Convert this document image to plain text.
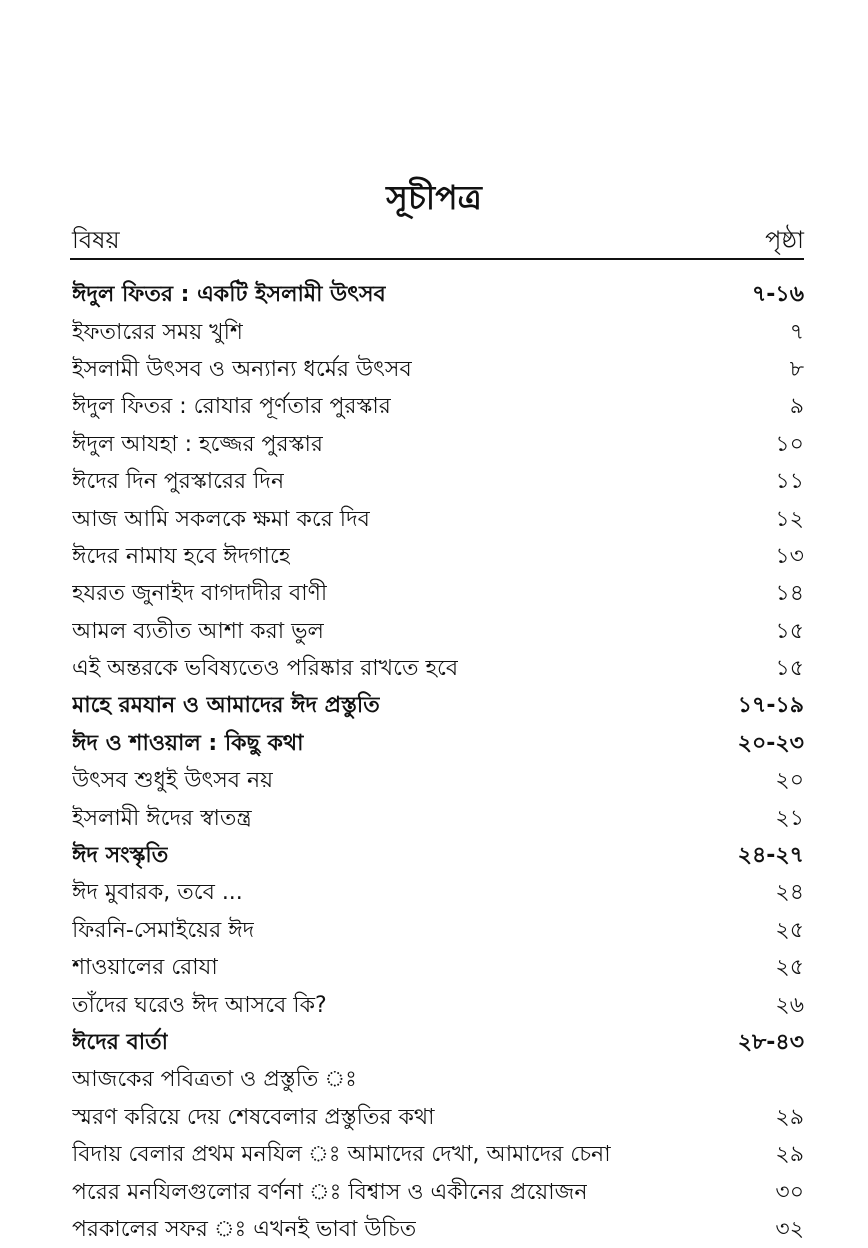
সূচীপত্র
বিষয়	পৃষ্ঠা
ঈদুল ফিতর : একটি ইসলামী উৎসব	৭-১৬
ইফতারের সময় খুশি	৭
ইসলামী উৎসব ও অন্যান্য ধর্মের উৎসব	৮
ঈদুল ফিতর : রোযার পূর্ণতার পুরস্কার	৯
ঈদুল আযহা : হজ্জের পুরস্কার	১০
ঈদের দিন পুরস্কারের দিন	১১
আজ আমি সকলকে ক্ষমা করে দিব	১২
ঈদের নামায হবে ঈদগাহে	১৩
হযরত জুনাইদ বাগদাদীর বাণী	১৪
আমল ব্যতীত আশা করা ভুল	১৫
এই অন্তরকে ভবিষ্যতেও পরিষ্কার রাখতে হবে	১৫
মাহে রমযান ও আমাদের ঈদ প্রস্তুতি	১৭-১৯
ঈদ ও শাওয়াল : কিছু কথা	২০-২৩
উৎসব শুধুই উৎসব নয়	২০
ইসলামী ঈদের স্বাতন্ত্র	২১
ঈদ সংস্কৃতি	২৪-২৭
ঈদ মুবারক, তবে ...	২৪
ফিরনি-সেমাইয়ের ঈদ	২৫
শাওয়ালের রোযা	২৫
তাঁদের ঘরেও ঈদ আসবে কি?	২৬
ঈদের বার্তা	২৮-৪৩
আজকের পবিত্রতা ও প্রস্তুতি ঃ
স্মরণ করিয়ে দেয় শেষবেলার প্রস্তুতির কথা	২৯
বিদায় বেলার প্রথম মনযিল ঃ আমাদের দেখা, আমাদের চেনা	২৯
পরের মনযিলগুলোর বর্ণনা ঃ বিশ্বাস ও একীনের প্রয়োজন	৩০
পরকালের সফর ঃ এখনই ভাবা উচিত	৩২
